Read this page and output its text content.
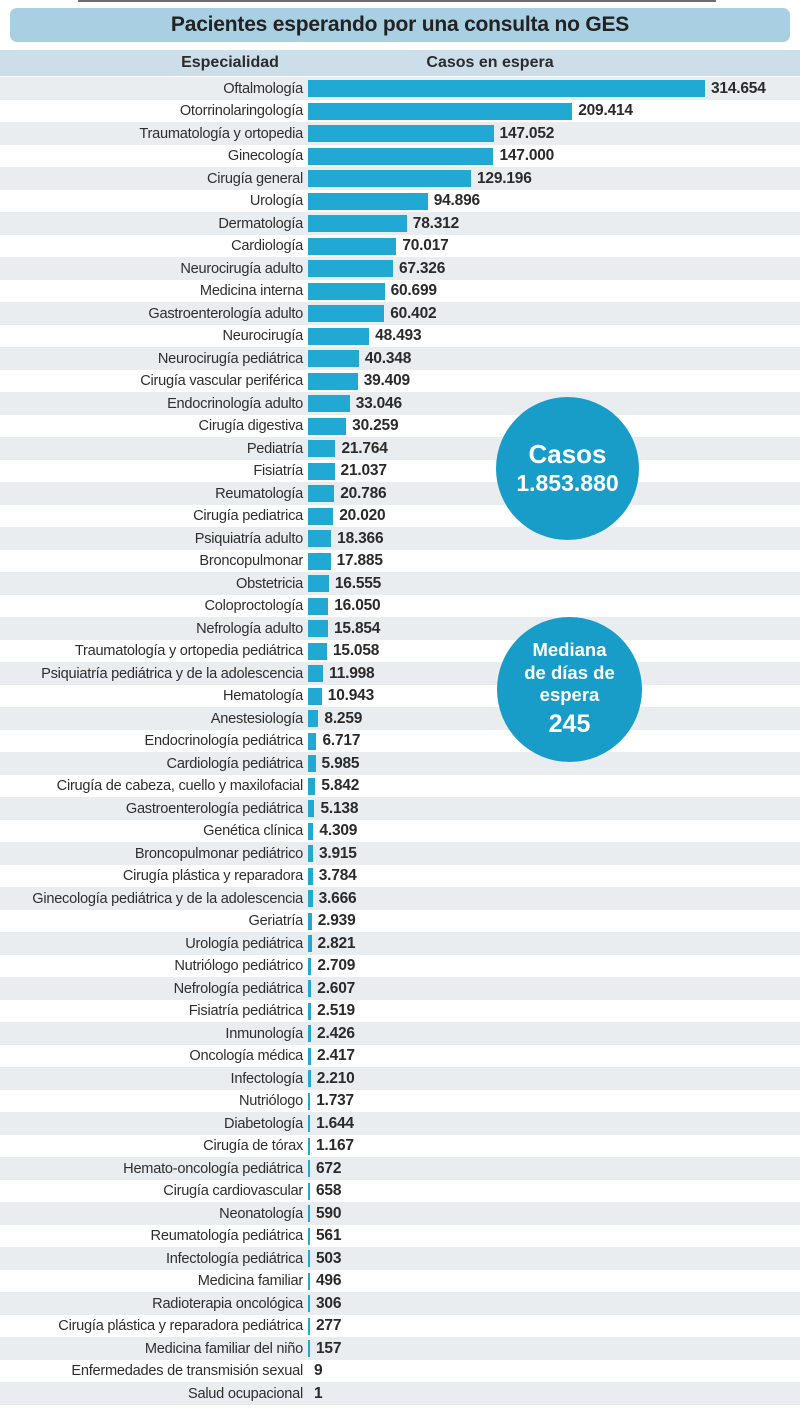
Pacientes esperando por una consulta no GES
Especialidad	Casos en espera
Oftalmología	314.654
Otorrinolaringología	209.414
Traumatología y ortopedia	147.052
Ginecología	147.000
Cirugía general	129.196
Urología	94.896
Dermatología	78.312
Cardiología	70.017
Neurocirugía adulto	67.326
Medicina interna	60.699
Gastroenterología adulto	60.402
Neurocirugía	48.493
Neurocirugía pediátrica	40.348
Cirugía vascular periférica	39.409
Endocrinología adulto	33.046
Cirugía digestiva	30.259
Pediatría 21.764
Fisiatría 21.037
Reumatología 20.786
Cirugía pediatrica 20.020
Psiquiatría adulto 18.366
Broncopulmonar 17.885
Obstetricia 16.555
Coloproctología 16.050
Nefrología adulto 15.854
Traumatología y ortopedia pediátrica 15.058
Psiquiatría pediátrica y de la adolescencia 11.998
Hematología 10.943
Anestesiología 8.259
Endocrinología pediátrica 6.717
Cardiología pediátrica 5.985
Cirugía de cabeza, cuello y maxilofacial 5.842
Gastroenterología pediátrica 5.138
Genética clínica 4.309
Broncopulmonar pediátrico 3.915
Cirugía plástica y reparadora 3.784
Ginecología pediátrica y de la adolescencia 3.666
Geriatría 2.939
Urología pediátrica 2.821
Nutriólogo pediátrico 2.709
Nefrología pediátrica 2.607
Fisiatría pediátrica 2.519
Inmunología 2.426
Oncología médica 2.417
Infectología 2.210
Nutriólogo 1.737
Diabetología 1.644
Cirugía de tórax 1.167
Hemato-oncología pediátrica 672
Cirugía cardiovascular 658
Neonatología 590
Reumatología pediátrica 561
Infectología pediátrica 503
Medicina familiar 496
Radioterapia oncológica 306
Cirugía plástica y reparadora pediátrica 277
Medicina familiar del niño 157
Enfermedades de transmisión sexual 9
Salud ocupacional 1
Casos
1.853.880
Mediana
de días de
espera
245
